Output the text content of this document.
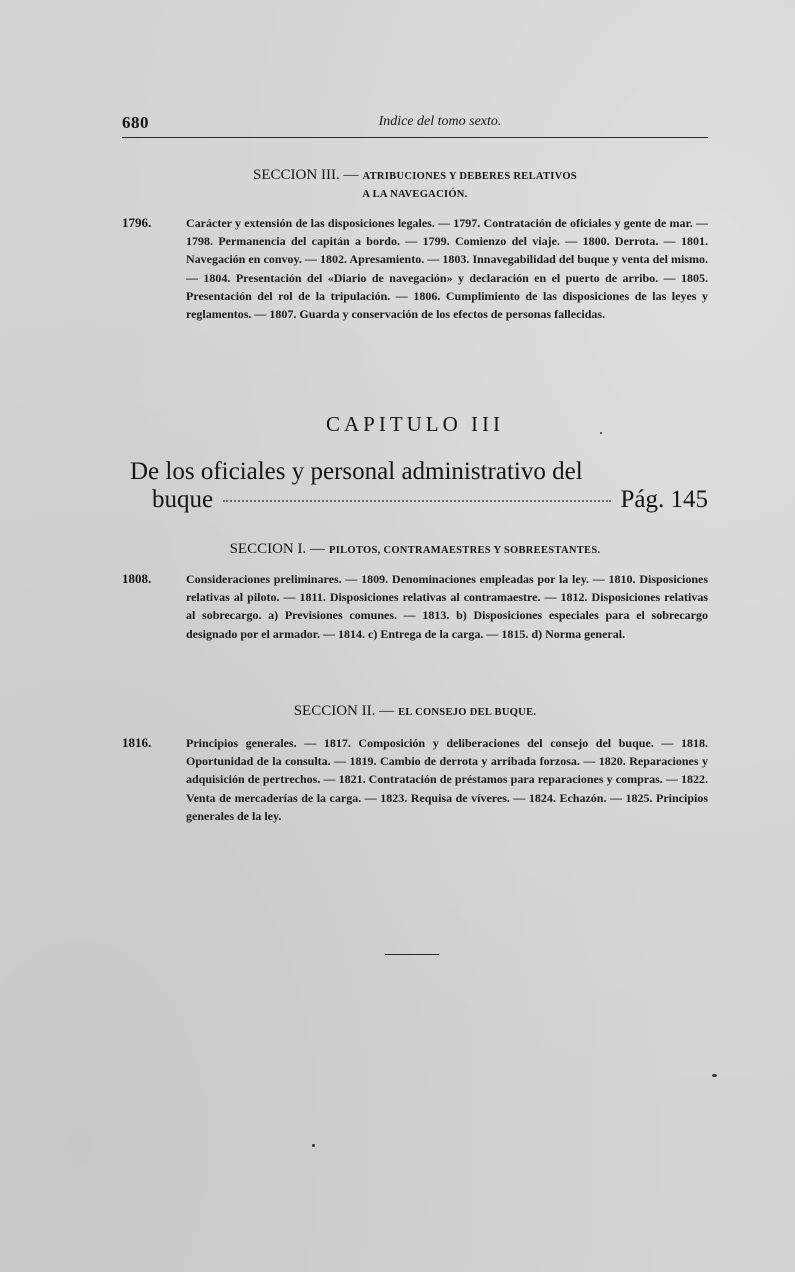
680	Indice del tomo sexto.
SECCION III. — ATRIBUCIONES Y DEBERES RELATIVOS
A LA NAVEGACIÓN.
1796.	Carácter y extensión de las disposiciones legales. — 1797. Contratación de oficiales y gente de mar. — 1798. Permanencia del capitán a bordo. — 1799. Comienzo del viaje. — 1800. Derrota. — 1801. Navegación en convoy. — 1802. Apresamiento. — 1803. Innavegabilidad del buque y venta del mismo. — 1804. Presentación del «Diario de navegación» y declaración en el puerto de arribo. — 1805. Presentación del rol de la tripulación. — 1806. Cumplimiento de las disposiciones de las leyes y reglamentos. — 1807. Guarda y conservación de los efectos de personas fallecidas.
CAPITULO III
De los oficiales y personal administrativo del
buque	Pág. 145
SECCION I. — PILOTOS, CONTRAMAESTRES Y SOBREESTANTES.
1808.	Consideraciones preliminares. — 1809. Denominaciones empleadas por la ley. — 1810. Disposiciones relativas al piloto. — 1811. Disposiciones relativas al contramaestre. — 1812. Disposiciones relativas al sobrecargo. a) Previsiones comunes. — 1813. b) Disposiciones especiales para el sobrecargo designado por el armador. — 1814. c) Entrega de la carga. — 1815. d) Norma general.
SECCION II. — EL CONSEJO DEL BUQUE.
1816.	Principios generales. — 1817. Composición y deliberaciones del consejo del buque. — 1818. Oportunidad de la consulta. — 1819. Cambio de derrota y arribada forzosa. — 1820. Reparaciones y adquisición de pertrechos. — 1821. Contratación de préstamos para reparaciones y compras. — 1822. Venta de mercaderías de la carga. — 1823. Requisa de víveres. — 1824. Echazón. — 1825. Principios generales de la ley.
